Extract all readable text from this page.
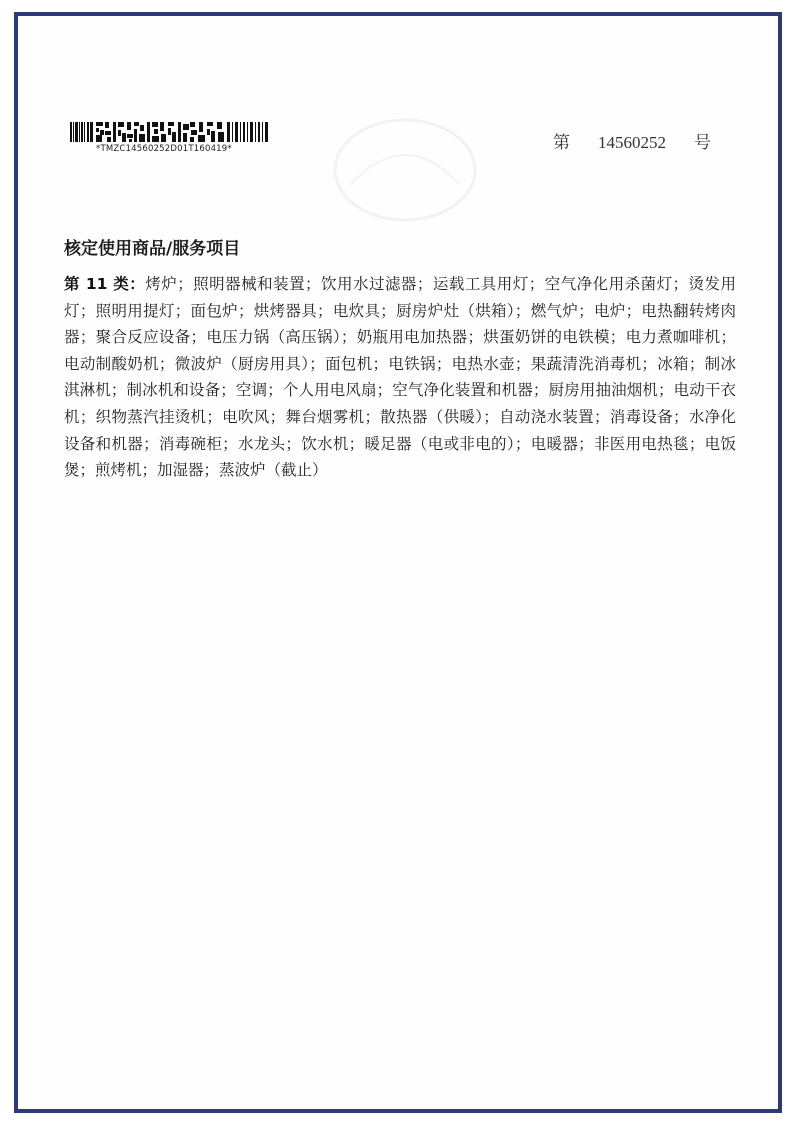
*TMZC14560252D01T160419*	第 14560252 号
核定使用商品/服务项目
第 11 类：烤炉；照明器械和装置；饮用水过滤器；运载工具用灯；空气净化用杀菌灯；烫发用灯；照明用提灯；面包炉；烘烤器具；电炊具；厨房炉灶（烘箱）；燃气炉；电炉；电热翻转烤肉器；聚合反应设备；电压力锅（高压锅）；奶瓶用电加热器；烘蛋奶饼的电铁模；电力煮咖啡机；电动制酸奶机；微波炉（厨房用具）；面包机；电铁锅；电热水壶；果蔬清洗消毒机；冰箱；制冰淇淋机；制冰机和设备；空调；个人用电风扇；空气净化装置和机器；厨房用抽油烟机；电动干衣机；织物蒸汽挂烫机；电吹风；舞台烟雾机；散热器（供暖）；自动浇水装置；消毒设备；水净化设备和机器；消毒碗柜；水龙头；饮水机；暖足器（电或非电的）；电暖器；非医用电热毯；电饭煲；煎烤机；加湿器；蒸波炉（截止）
